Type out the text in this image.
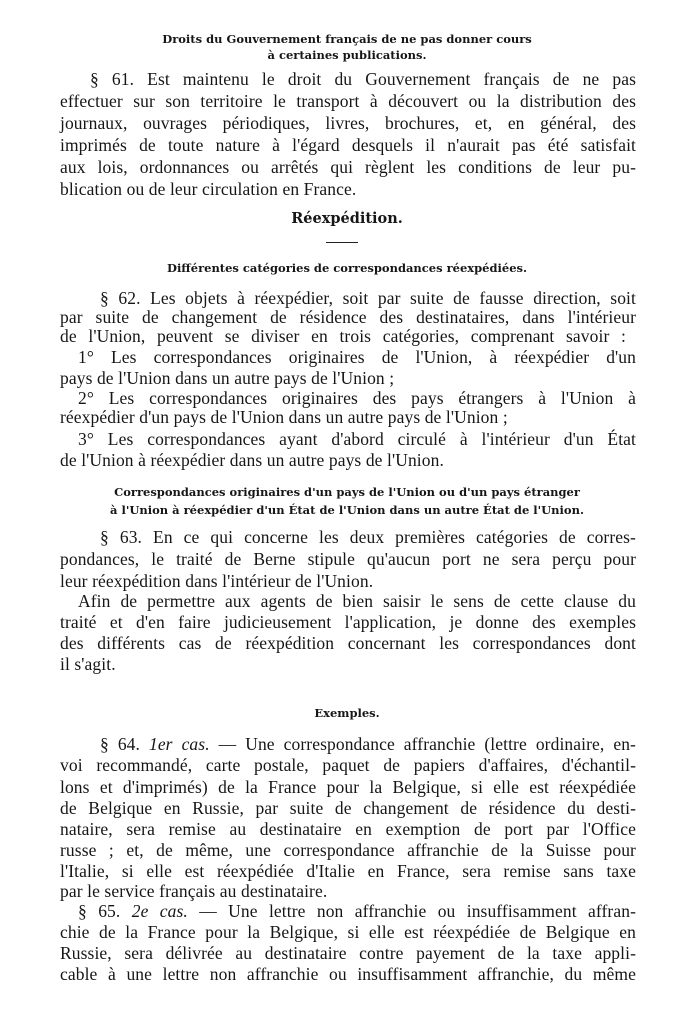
Droits du Gouvernement français de ne pas donner cours
à certaines publications.
§ 61. Est maintenu le droit du Gouvernement français de ne pas
effectuer sur son territoire le transport à découvert ou la distribution des
journaux, ouvrages périodiques, livres, brochures, et, en général, des
imprimés de toute nature à l'égard desquels il n'aurait pas été satisfait
aux lois, ordonnances ou arrêtés qui règlent les conditions de leur pu-
blication ou de leur circulation en France.
Réexpédition.
Différentes catégories de correspondances réexpédiées.
§ 62. Les objets à réexpédier, soit par suite de fausse direction, soit
par suite de changement de résidence des destinataires, dans l'intérieur
de l'Union, peuvent se diviser en trois catégories, comprenant savoir :
1° Les correspondances originaires de l'Union, à réexpédier d'un
pays de l'Union dans un autre pays de l'Union ;
2° Les correspondances originaires des pays étrangers à l'Union à
réexpédier d'un pays de l'Union dans un autre pays de l'Union ;
3° Les correspondances ayant d'abord circulé à l'intérieur d'un État
de l'Union à réexpédier dans un autre pays de l'Union.
Correspondances originaires d'un pays de l'Union ou d'un pays étranger
à l'Union à réexpédier d'un État de l'Union dans un autre État de l'Union.
§ 63. En ce qui concerne les deux premières catégories de corres-
pondances, le traité de Berne stipule qu'aucun port ne sera perçu pour
leur réexpédition dans l'intérieur de l'Union.
Afin de permettre aux agents de bien saisir le sens de cette clause du
traité et d'en faire judicieusement l'application, je donne des exemples
des différents cas de réexpédition concernant les correspondances dont
il s'agit.
Exemples.
§ 64. 1er cas. — Une correspondance affranchie (lettre ordinaire, en-
voi recommandé, carte postale, paquet de papiers d'affaires, d'échantil-
lons et d'imprimés) de la France pour la Belgique, si elle est réexpédiée
de Belgique en Russie, par suite de changement de résidence du desti-
nataire, sera remise au destinataire en exemption de port par l'Office
russe ; et, de même, une correspondance affranchie de la Suisse pour
l'Italie, si elle est réexpédiée d'Italie en France, sera remise sans taxe
par le service français au destinataire.
§ 65. 2e cas. — Une lettre non affranchie ou insuffisamment affran-
chie de la France pour la Belgique, si elle est réexpédiée de Belgique en
Russie, sera délivrée au destinataire contre payement de la taxe appli-
cable à une lettre non affranchie ou insuffisamment affranchie, du même
